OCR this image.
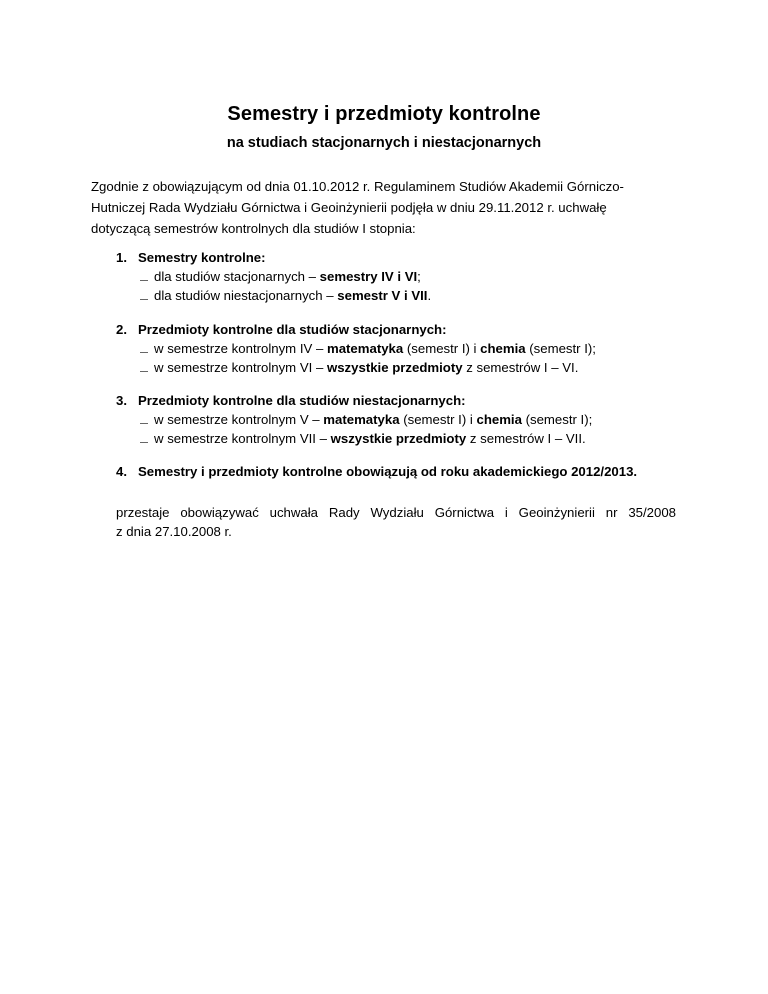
Semestry i przedmioty kontrolne
na studiach stacjonarnych i niestacjonarnych
Zgodnie z obowiązującym od dnia 01.10.2012 r. Regulaminem Studiów Akademii Górniczo-
Hutniczej Rada Wydziału Górnictwa i Geoinżynierii podjęła w dniu 29.11.2012 r. uchwałę
dotyczącą semestrów kontrolnych dla studiów I stopnia:
1. Semestry kontrolne:
dla studiów stacjonarnych – semestry IV i VI;
dla studiów niestacjonarnych – semestr V i VII.
2. Przedmioty kontrolne dla studiów stacjonarnych:
w semestrze kontrolnym IV – matematyka (semestr I) i chemia (semestr I);
w semestrze kontrolnym VI – wszystkie przedmioty z semestrów I – VI.
3. Przedmioty kontrolne dla studiów niestacjonarnych:
w semestrze kontrolnym V – matematyka (semestr I) i chemia (semestr I);
w semestrze kontrolnym VII – wszystkie przedmioty z semestrów I – VII.
4. Semestry i przedmioty kontrolne obowiązują od roku akademickiego 2012/2013.
przestaje obowiązywać uchwała Rady Wydziału Górnictwa i Geoinżynierii nr 35/2008
z dnia 27.10.2008 r.
